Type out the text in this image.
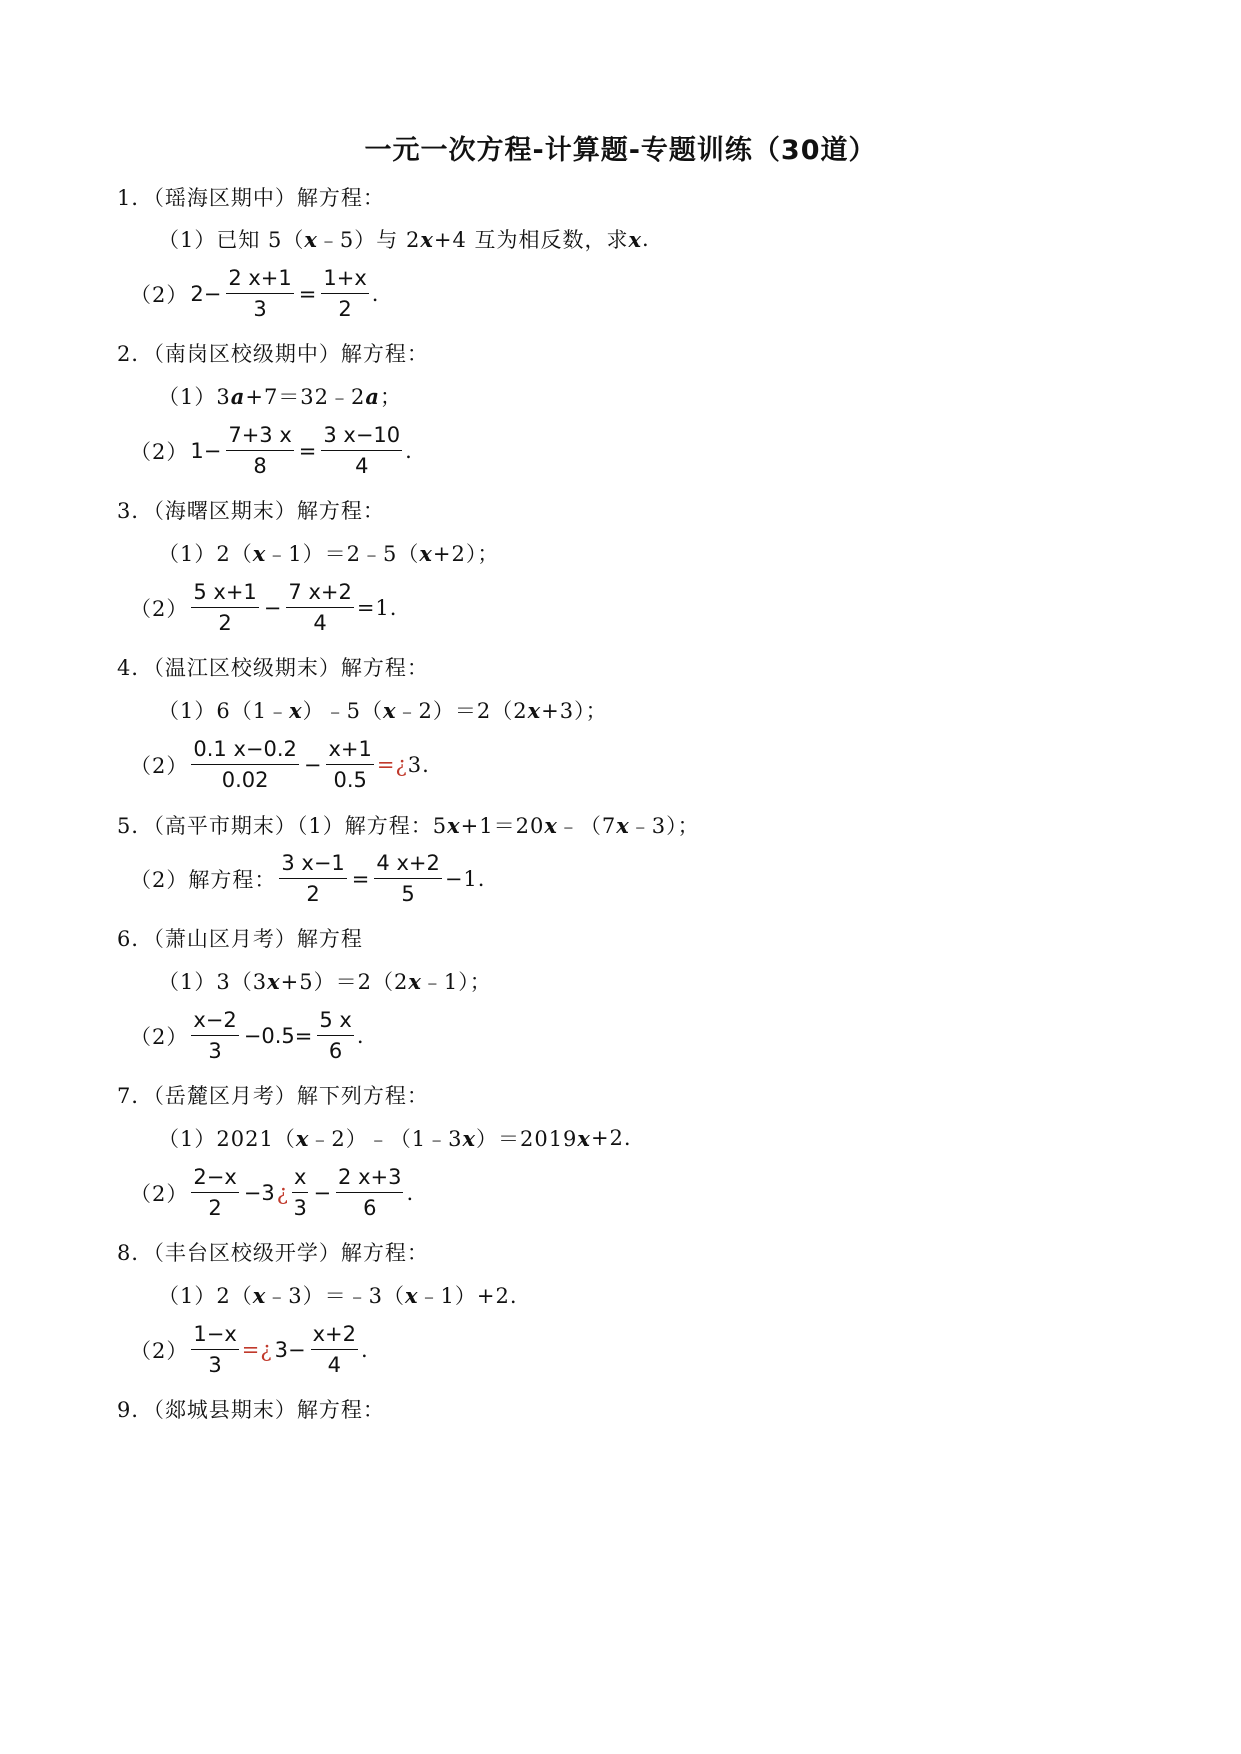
一元一次方程-计算题-专题训练（30道）
1．（瑶海区期中）解方程：
（1）已知 5（ x ﹣5）与 2 x +4 互为相反数，求 x .
（2） $2- \frac{2 x+1}{3} = \frac{1+x}{2}$ .
2．（南岗区校级期中）解方程：
（1）3 a +7＝32﹣2 a ；
（2） $1- \frac{7+3 x}{8} = \frac{3 x-10}{4}$ .
3．（海曙区期末）解方程：
（1）2（ x ﹣1）＝2﹣5（ x +2）；
$(2) \frac{5 x+1}{2} - \frac{7 x+2}{4} =1$.
4．（温江区校级期末）解方程：
（1）6（1﹣ x ）﹣5（ x ﹣2）＝2（2 x +3）；
$(2) \frac{0.1 x-0.2}{0.02} - \frac{x+1}{0.5}$ =¿ 3.
5．（高平市期末）（1）解方程：5 x +1＝20 x ﹣（7 x ﹣3）；
（2）解方程： $\frac{3 x-1}{2} = \frac{4 x+2}{5} -1$.
6．（萧山区月考）解方程
（1）3（3 x +5）＝2（2 x ﹣1）；
$(2) \frac{x-2}{3} -0.5= \frac{5 x}{6}$ .
7．（岳麓区月考）解下列方程：
（1）2021（ x ﹣2）﹣（1﹣3 x ）＝2019 x +2.
$(2) \frac{2-x}{2} -3$ ¿ $\frac{x}{3} - \frac{2 x+3}{6}$ .
8．（丰台区校级开学）解方程：
（1）2（ x ﹣3）＝﹣3（ x ﹣1）+2.
$(2) \frac{1-x}{3}$ =¿ $3- \frac{x+2}{4}$ .
9．（郯城县期末）解方程：
